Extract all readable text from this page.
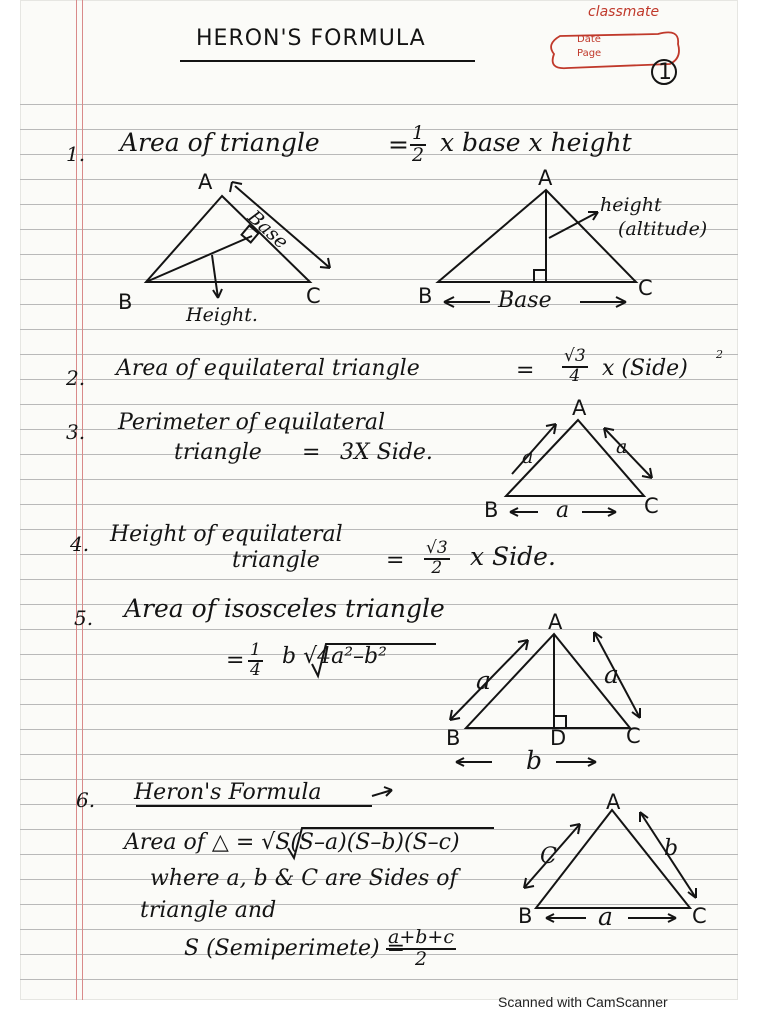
classmate
Date
Page
1
HERON'S FORMULA
1. Area of triangle	= $\frac{1}{2}$ x base x height
A
B	C
Base
Height.
A
B	C
height
(altitude)
Base
2. Area of equilateral triangle	= $\frac{√3}{4}$ x (Side)
2
3. Perimeter of equilateral
triangle = 3X Side.
A
B	C
a	a
a
4. Height of equilateral
triangle	= $\frac{√3}{2}$ x Side.
5. Area of isosceles triangle
= $\frac{1}{4}$ b √4a²–b²
A
B	C
D
a	a
b
6. Heron's Formula
Area of △ = √S(S–a)(S–b)(S–c)
where a, b & C are Sides of
triangle and
S (Semiperimete) =
$\frac{a+b+c}{2}$
A
B	C
C	b
a
Scanned with CamScanner
